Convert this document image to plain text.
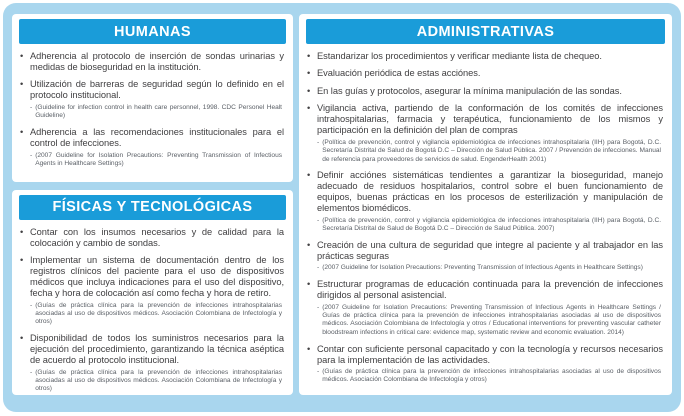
HUMANAS
• Adherencia al protocolo de inserción de sondas urinarias y medidas de bioseguridad en la institución.
• Utilización de barreras de seguridad según lo definido en el protocolo institucional.
- (Guideline for infection control in health care personnel, 1998. CDC Personel Healt Guideline)
• Adherencia a las recomendaciones institucionales para el control de infecciones.
- (2007 Guideline for Isolation Precautions: Preventing Transmission of Infectious Agents in Healthcare Settings)
FÍSICAS Y TECNOLÓGICAS
• Contar con los insumos necesarios y de calidad para la colocación y cambio de sondas.
• Implementar un sistema de documentación dentro de los registros clínicos del paciente para el uso de dispositivos médicos que incluya indicaciones para el uso del dispositivo, fecha y hora de colocación así como fecha y hora de retiro.
- (Guías de práctica clínica para la prevención de infecciones intrahospitalarias asociadas al uso de dispositivos médicos. Asociación Colombiana de Infectología y otros)
• Disponibilidad de todos los suministros necesarios para la ejecución del procedimiento, garantizando la técnica aséptica de acuerdo al protocolo institucional.
- (Guías de práctica clínica para la prevención de infecciones intrahospitalarias asociadas al uso de dispositivos médicos. Asociación Colombiana de Infectología y otros)
ADMINISTRATIVAS
• Estandarizar los procedimientos y verificar mediante lista de chequeo.
• Evaluación periódica de estas acciónes.
• En las guías y protocolos, asegurar la mínima manipulación de las sondas.
• Vigilancia activa, partiendo de la conformación de los comités de infecciones intrahospitalarias, farmacia y terapéutica, funcionamiento de los mismos y participación en la definición del plan de compras
- (Política de prevención, control y vigilancia epidemiológica de infecciones intrahospitalaria (IIH) para Bogotá, D.C. Secretaría Distrital de Salud de Bogotá D.C – Dirección de Salud Pública. 2007 / Prevención de infecciones. Manual de referencia para proveedores de servicios de salud. EngenderHealth 2001)
• Definir acciónes sistemáticas tendientes a garantizar la bioseguridad, manejo adecuado de residuos hospitalarios, control sobre el buen funcionamiento de equipos, buenas prácticas en los procesos de esterilización y manipulación de elementos biomédicos.
- (Política de prevención, control y vigilancia epidemiológica de infecciones intrahospitalaria (IIH) para Bogotá, D.C. Secretaría Distrital de Salud de Bogotá D.C – Dirección de Salud Pública. 2007)
• Creación de una cultura de seguridad que integre al paciente y al trabajador en las prácticas seguras
- (2007 Guideline for Isolation Precautions: Preventing Transmission of Infectious Agents in Healthcare Settings)
• Estructurar programas de educación continuada para la prevención de infecciones dirigidos al personal asistencial.
- (2007 Guideline for Isolation Precautions: Preventing Transmission of Infectious Agents in Healthcare Settings / Guías de práctica clínica para la prevención de infecciones intrahospitalarias asociadas al uso de dispositivos médicos. Asociación Colombiana de Infectología y otros / Educational interventions for preventing vascular catheter bloodstream infections in critical care: evidence map, systematic review and economic evaluation. 2014)
• Contar con suficiente personal capacitado y con la tecnología y recursos necesarios para la implementación de las actividades.
- (Guías de práctica clínica para la prevención de infecciones intrahospitalarias asociadas al uso de dispositivos médicos. Asociación Colombiana de Infectología y otros)
